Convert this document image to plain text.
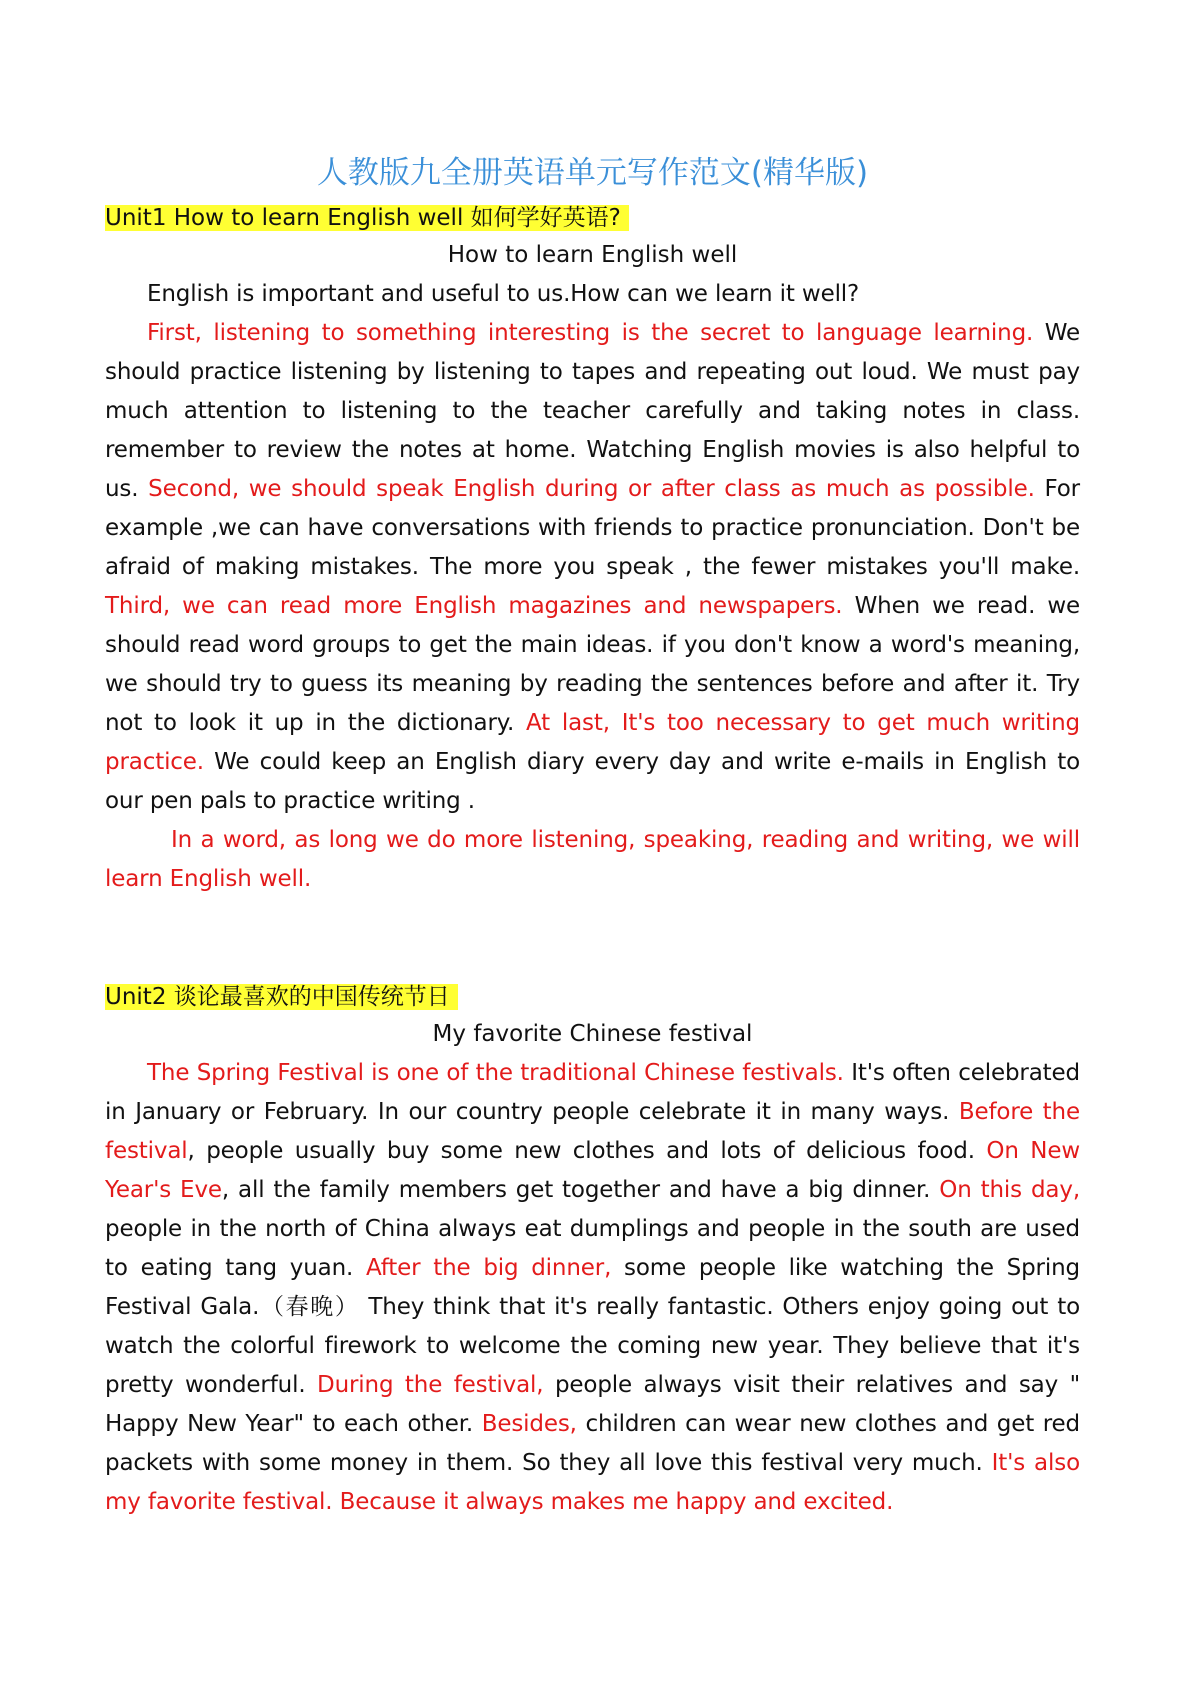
人教版九全册英语单元写作范文(精华版)
Unit1 How to learn English well 如何学好英语?

How to learn English well

English is important and useful to us.How can we learn it well?

First, listening to something interesting is the secret to language learning. We should practice listening by listening to tapes and repeating out loud. We must pay much attention to listening to the teacher carefully and taking notes in class. remember to review the notes at home. Watching English movies is also helpful to us. Second, we should speak English during or after class as much as possible. For example ,we can have conversations with friends to practice pronunciation. Don't be afraid of making mistakes. The more you speak , the fewer mistakes you'll make. Third, we can read more English magazines and newspapers. When we read. we should read word groups to get the main ideas. if you don't know a word's meaning, we should try to guess its meaning by reading the sentences before and after it. Try not to look it up in the dictionary. At last, It's too necessary to get much writing practice. We could keep an English diary every day and write e-mails in English to our pen pals to practice writing .

In a word, as long we do more listening, speaking, reading and writing, we will learn English well.

Unit2 谈论最喜欢的中国传统节日

My favorite Chinese festival

The Spring Festival is one of the traditional Chinese festivals. It's often celebrated in January or February. In our country people celebrate it in many ways. Before the festival, people usually buy some new clothes and lots of delicious food. On New Year's Eve, all the family members get together and have a big dinner. On this day, people in the north of China always eat dumplings and people in the south are used to eating tang yuan. After the big dinner, some people like watching the Spring Festival Gala.（春晚） They think that it's really fantastic. Others enjoy going out to watch the colorful firework to welcome the coming new year. They believe that it's pretty wonderful. During the festival, people always visit their relatives and say " Happy New Year" to each other. Besides, children can wear new clothes and get red packets with some money in them. So they all love this festival very much. It's also my favorite festival. Because it always makes me happy and excited.
